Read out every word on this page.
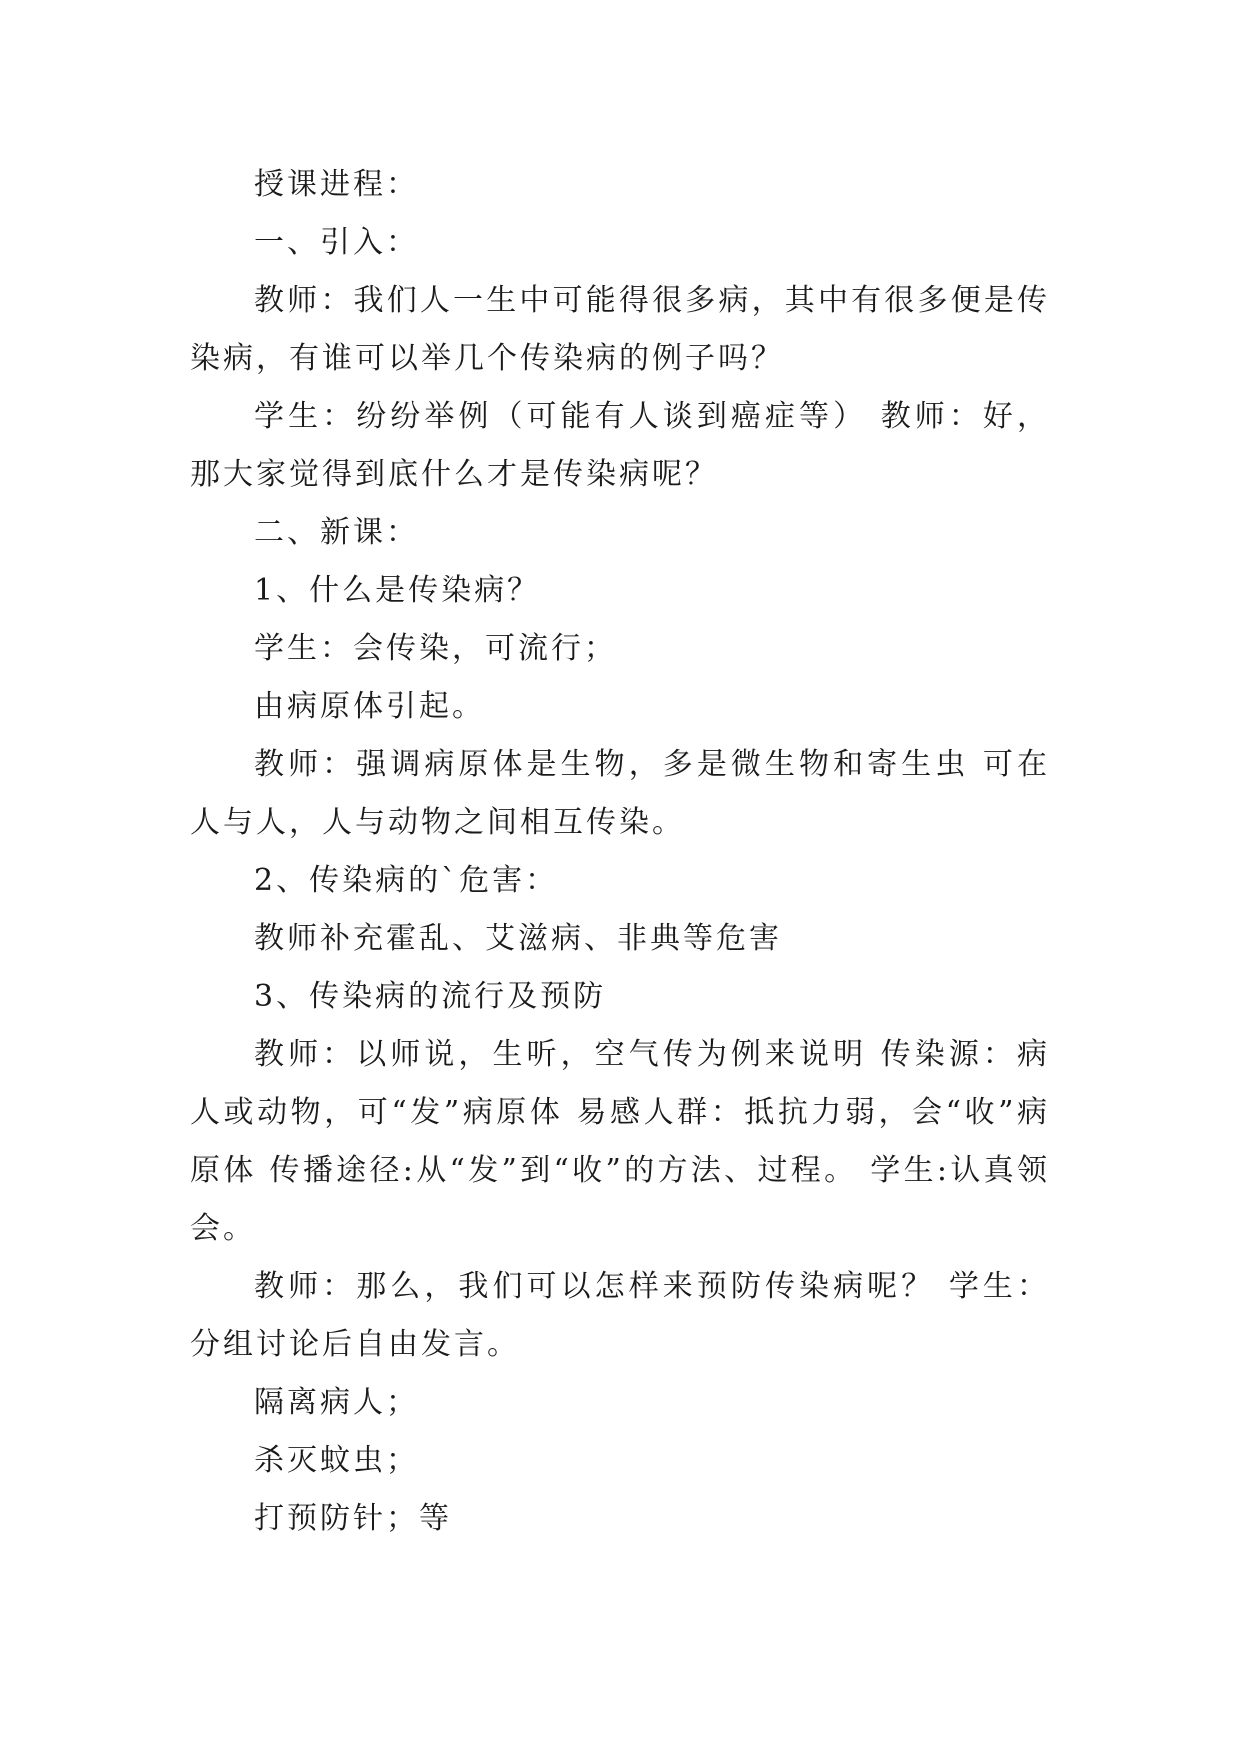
授课进程：

一、引入：

教师：我们人一生中可能得很多病，其中有很多便是传染病，有谁可以举几个传染病的例子吗？

学生：纷纷举例（可能有人谈到癌症等） 教师：好，那大家觉得到底什么才是传染病呢？

二、新课：

1、什么是传染病？

学生：会传染，可流行；

由病原体引起。

教师：强调病原体是生物，多是微生物和寄生虫 可在人与人，人与动物之间相互传染。

2、传染病的`危害：

教师补充霍乱、艾滋病、非典等危害

3、传染病的流行及预防

教师：以师说，生听，空气传为例来说明 传染源：病人或动物，可“发”病原体 易感人群：抵抗力弱，会“收”病原体 传播途径:从“发”到“收”的方法、过程。 学生:认真领会。

教师：那么，我们可以怎样来预防传染病呢？ 学生：分组讨论后自由发言。

隔离病人；

杀灭蚊虫；

打预防针；等
